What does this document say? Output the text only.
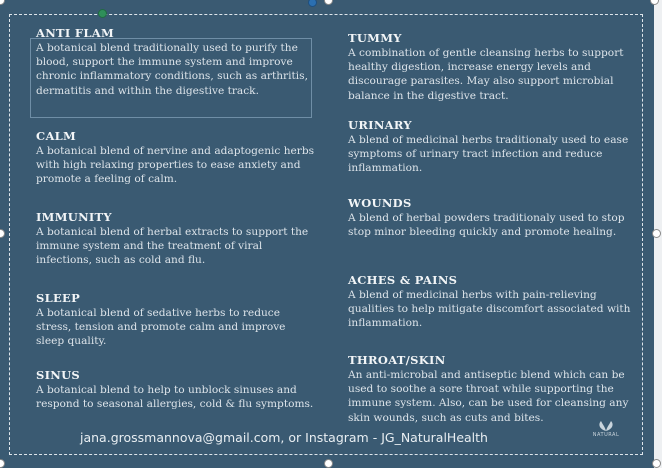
ANTI FLAM

A botanical blend traditionally used to purify the blood, support the immune system and improve chronic inflammatory conditions, such as arthritis, dermatitis and within the digestive track.

CALM

A botanical blend of nervine and adaptogenic herbs with high relaxing properties to ease anxiety and promote a feeling of calm.

IMMUNITY

A botanical blend of herbal extracts to support the immune system and the treatment of viral infections, such as cold and flu.

SLEEP

A botanical blend of sedative herbs to reduce stress, tension and promote calm and improve sleep quality.

SINUS

A botanical blend to help to unblock sinuses and respond to seasonal allergies, cold & flu symptoms.

TUMMY

A combination of gentle cleansing herbs to support healthy digestion, increase energy levels and discourage parasites. May also support microbial balance in the digestive tract.

URINARY

A blend of medicinal herbs traditionaly used to ease symptoms of urinary tract infection and reduce inflammation.

WOUNDS

A blend of herbal powders traditionaly used to stop stop minor bleeding quickly and promote healing.

ACHES & PAINS

A blend of medicinal herbs with pain-relieving qualities to help mitigate discomfort associated with inflammation.

THROAT/SKIN

An anti-microbal and antiseptic blend which can be used to soothe a sore throat while supporting the immune system. Also, can be used for cleansing any skin wounds, such as cuts and bites.

jana.grossmannova@gmail.com, or Instagram - JG_NaturalHealth	NATURAL
